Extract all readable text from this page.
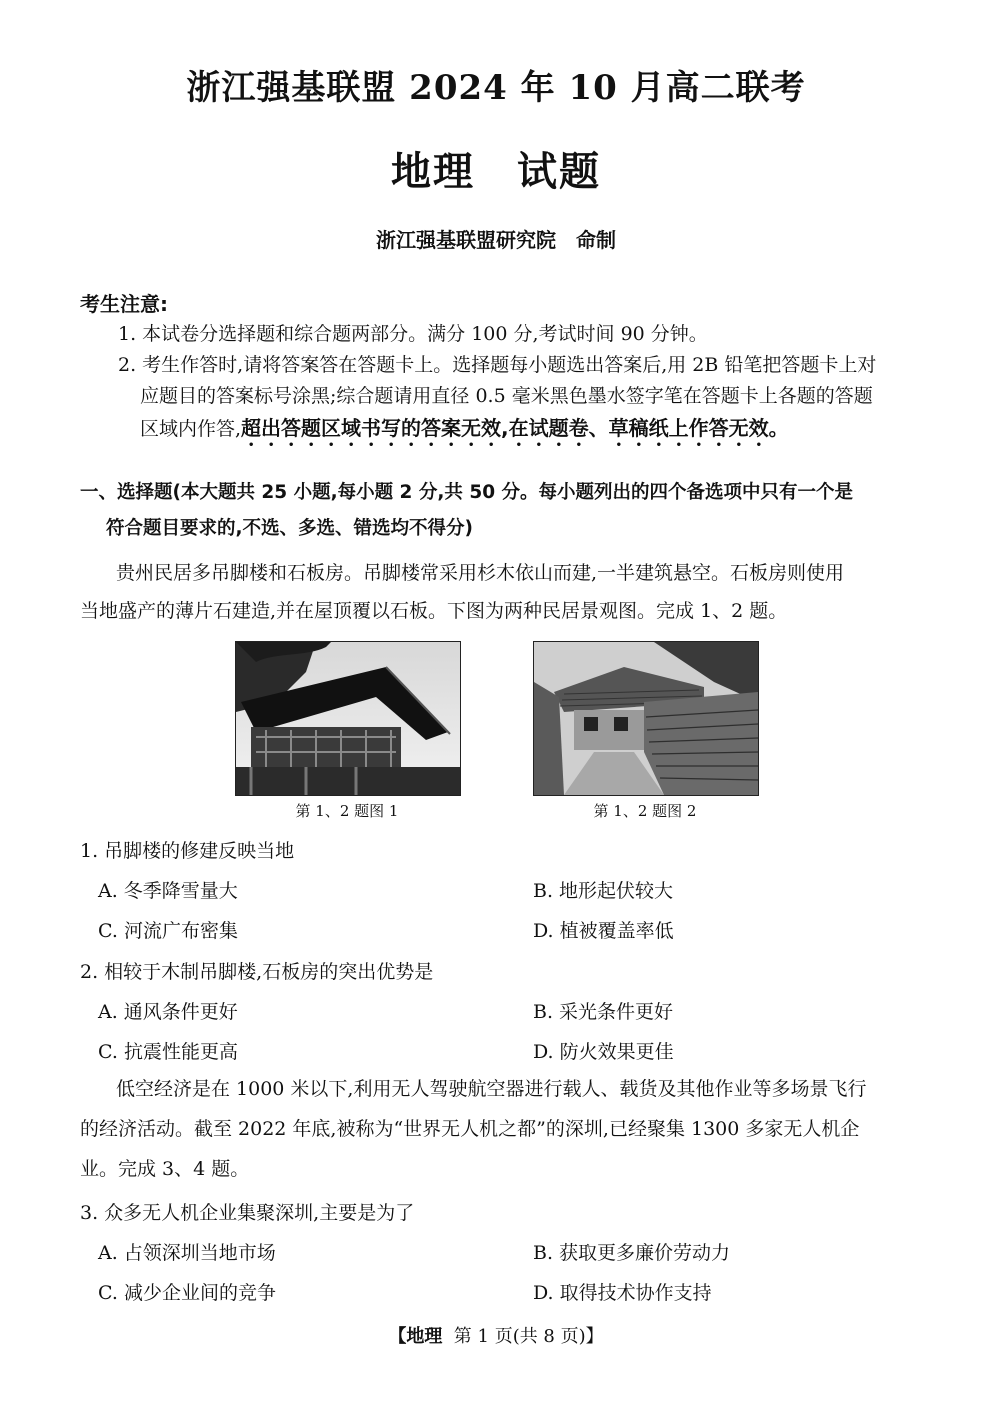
浙江强基联盟 2024 年 10 月高二联考
地理　试题
浙江强基联盟研究院　命制
考生注意:
1. 本试卷分选择题和综合题两部分。满分 100 分,考试时间 90 分钟。
2. 考生作答时,请将答案答在答题卡上。选择题每小题选出答案后,用 2B 铅笔把答题卡上对
应题目的答案标号涂黑;综合题请用直径 0.5 毫米黑色墨水签字笔在答题卡上各题的答题
区域内作答,超出答题区域书写的答案无效,在试题卷、草稿纸上作答无效。
一、选择题(本大题共 25 小题,每小题 2 分,共 50 分。每小题列出的四个备选项中只有一个是
符合题目要求的,不选、多选、错选均不得分)
贵州民居多吊脚楼和石板房。吊脚楼常采用杉木依山而建,一半建筑悬空。石板房则使用
当地盛产的薄片石建造,并在屋顶覆以石板。下图为两种民居景观图。完成 1、2 题。
第 1、2 题图 1	第 1、2 题图 2
1. 吊脚楼的修建反映当地
A. 冬季降雪量大	B. 地形起伏较大
C. 河流广布密集	D. 植被覆盖率低
2. 相较于木制吊脚楼,石板房的突出优势是
A. 通风条件更好	B. 采光条件更好
C. 抗震性能更高	D. 防火效果更佳
低空经济是在 1000 米以下,利用无人驾驶航空器进行载人、载货及其他作业等多场景飞行
的经济活动。截至 2022 年底,被称为“世界无人机之都”的深圳,已经聚集 1300 多家无人机企
业。完成 3、4 题。
3. 众多无人机企业集聚深圳,主要是为了
A. 占领深圳当地市场	B. 获取更多廉价劳动力
C. 减少企业间的竞争	D. 取得技术协作支持
【地理 第 1 页(共 8 页)】
